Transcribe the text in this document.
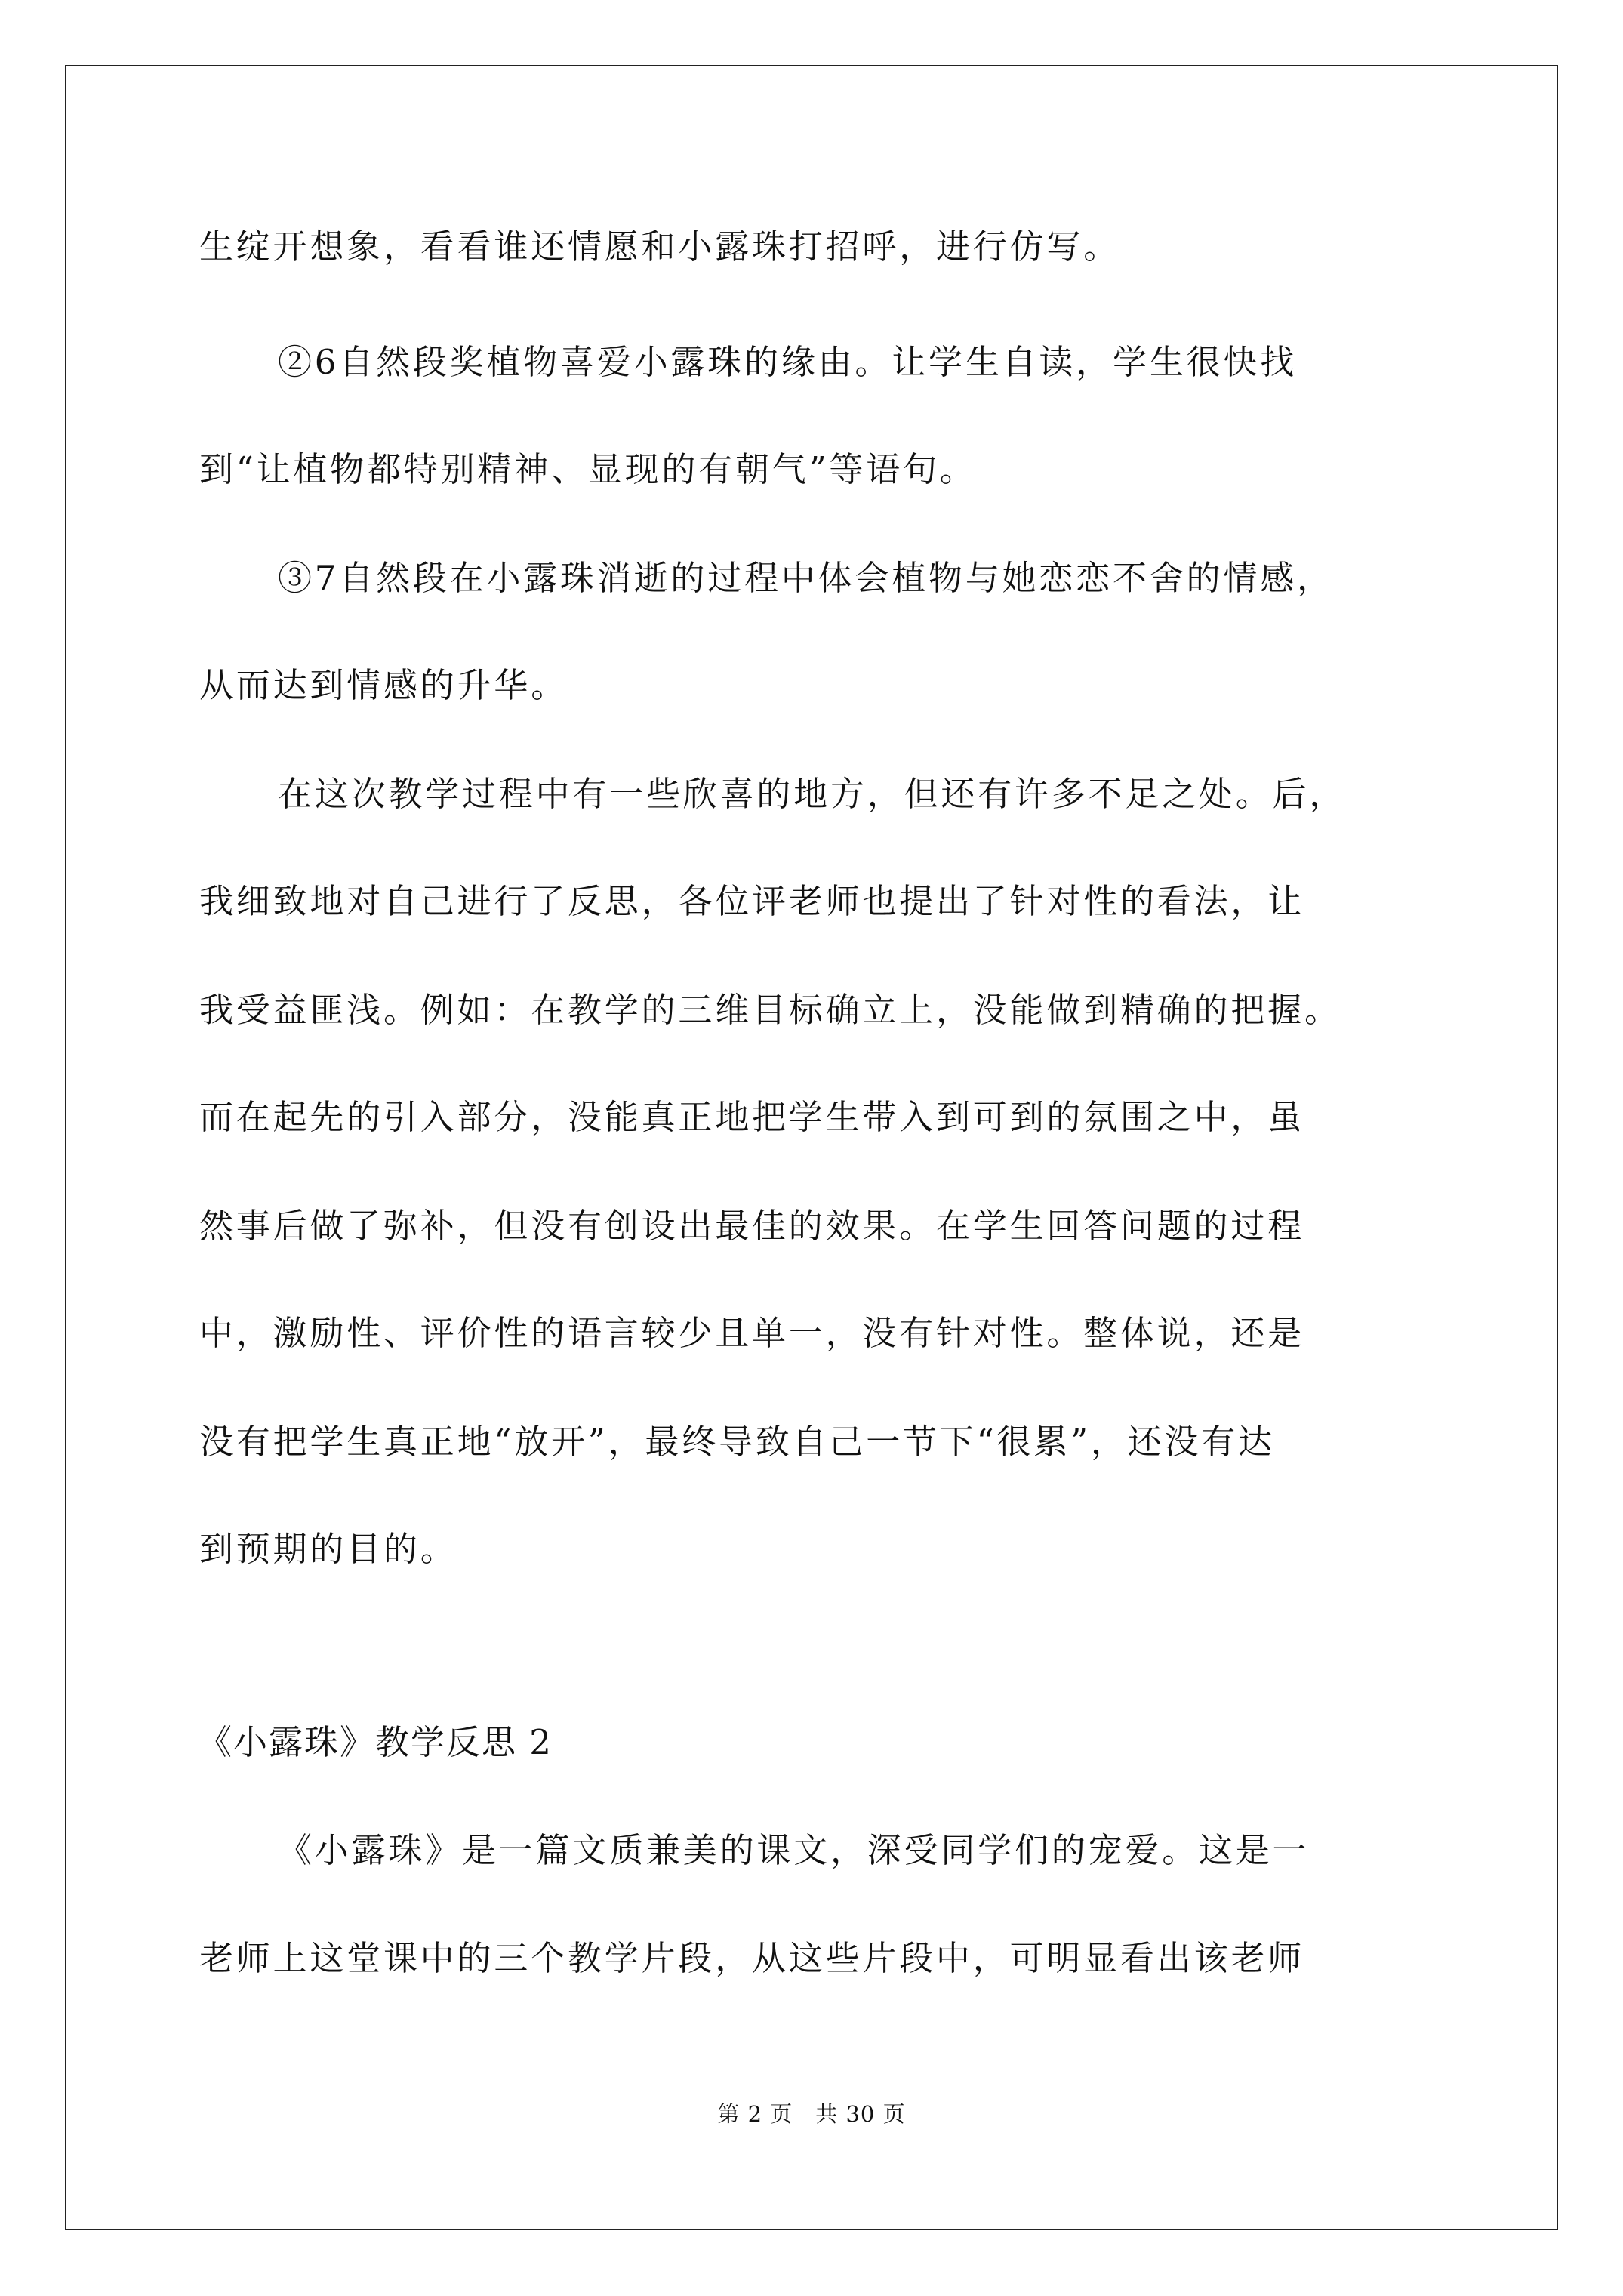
生绽开想象，看看谁还情愿和小露珠打招呼，进行仿写。
②6自然段奖植物喜爱小露珠的缘由。让学生自读，学生很快找
到“让植物都特别精神、显现的有朝气”等语句。
③7自然段在小露珠消逝的过程中体会植物与她恋恋不舍的情感，
从而达到情感的升华。
在这次教学过程中有一些欣喜的地方，但还有许多不足之处。后，
我细致地对自己进行了反思，各位评老师也提出了针对性的看法，让
我受益匪浅。例如：在教学的三维目标确立上，没能做到精确的把握。
而在起先的引入部分，没能真正地把学生带入到可到的氛围之中，虽
然事后做了弥补，但没有创设出最佳的效果。在学生回答问题的过程
中，激励性、评价性的语言较少且单一，没有针对性。整体说，还是
没有把学生真正地“放开”，最终导致自己一节下“很累”，还没有达
到预期的目的。
《小露珠》教学反思 2
《小露珠》是一篇文质兼美的课文，深受同学们的宠爱。这是一
老师上这堂课中的三个教学片段，从这些片段中，可明显看出该老师
第 2 页　共 30 页
